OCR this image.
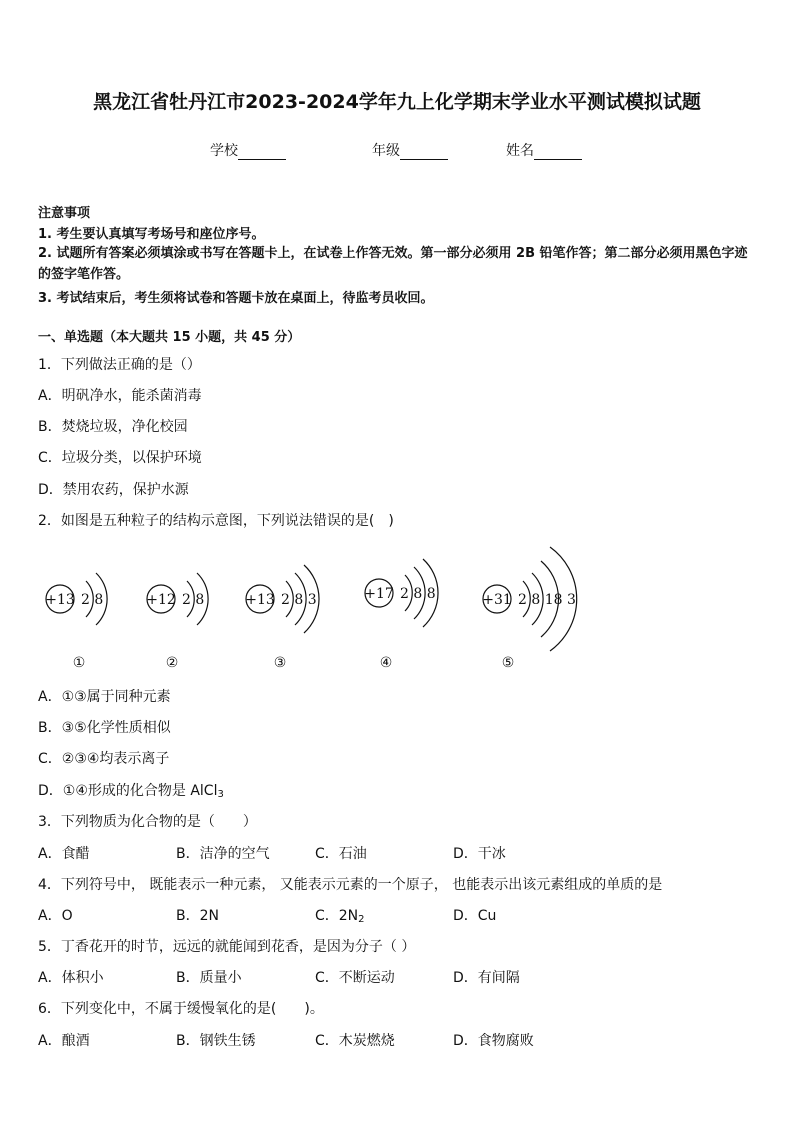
黑龙江省牡丹江市2023-2024学年九上化学期末学业水平测试模拟试题
学校	年级	姓名
注意事项
1. 考生要认真填写考场号和座位序号。
2. 试题所有答案必须填涂或书写在答题卡上，在试卷上作答无效。第一部分必须用 2B 铅笔作答；第二部分必须用黑色字迹的签字笔作答。
3. 考试结束后，考生须将试卷和答题卡放在桌面上，待监考员收回。
一、单选题（本大题共 15 小题，共 45 分）
1．下列做法正确的是（）
A．明矾净水，能杀菌消毒
B．焚烧垃圾，净化校园
C．垃圾分类，以保护环境
D．禁用农药，保护水源
2．如图是五种粒子的结构示意图，下列说法错误的是(　)
+13	+12	+13	+17	+31
2 8	2 8	2 8 3	2 8 8	2 8 18 3
①	②	③	④	⑤
A．①③属于同种元素
B．③⑤化学性质相似
C．②③④均表示离子
D．①④形成的化合物是 AlCl$_3$
3．下列物质为化合物的是（　　）
A．食醋	B．洁净的空气	C．石油	D．干冰
4．下列符号中， 既能表示一种元素， 又能表示元素的一个原子， 也能表示出该元素组成的单质的是
A．O	B．2N	C．$2N_2$	D．Cu
5．丁香花开的时节，远远的就能闻到花香，是因为分子（ ）
A．体积小	B．质量小	C．不断运动	D．有间隔
6．下列变化中，不属于缓慢氧化的是(　　)。
A．酿酒	B．钢铁生锈	C．木炭燃烧	D．食物腐败
